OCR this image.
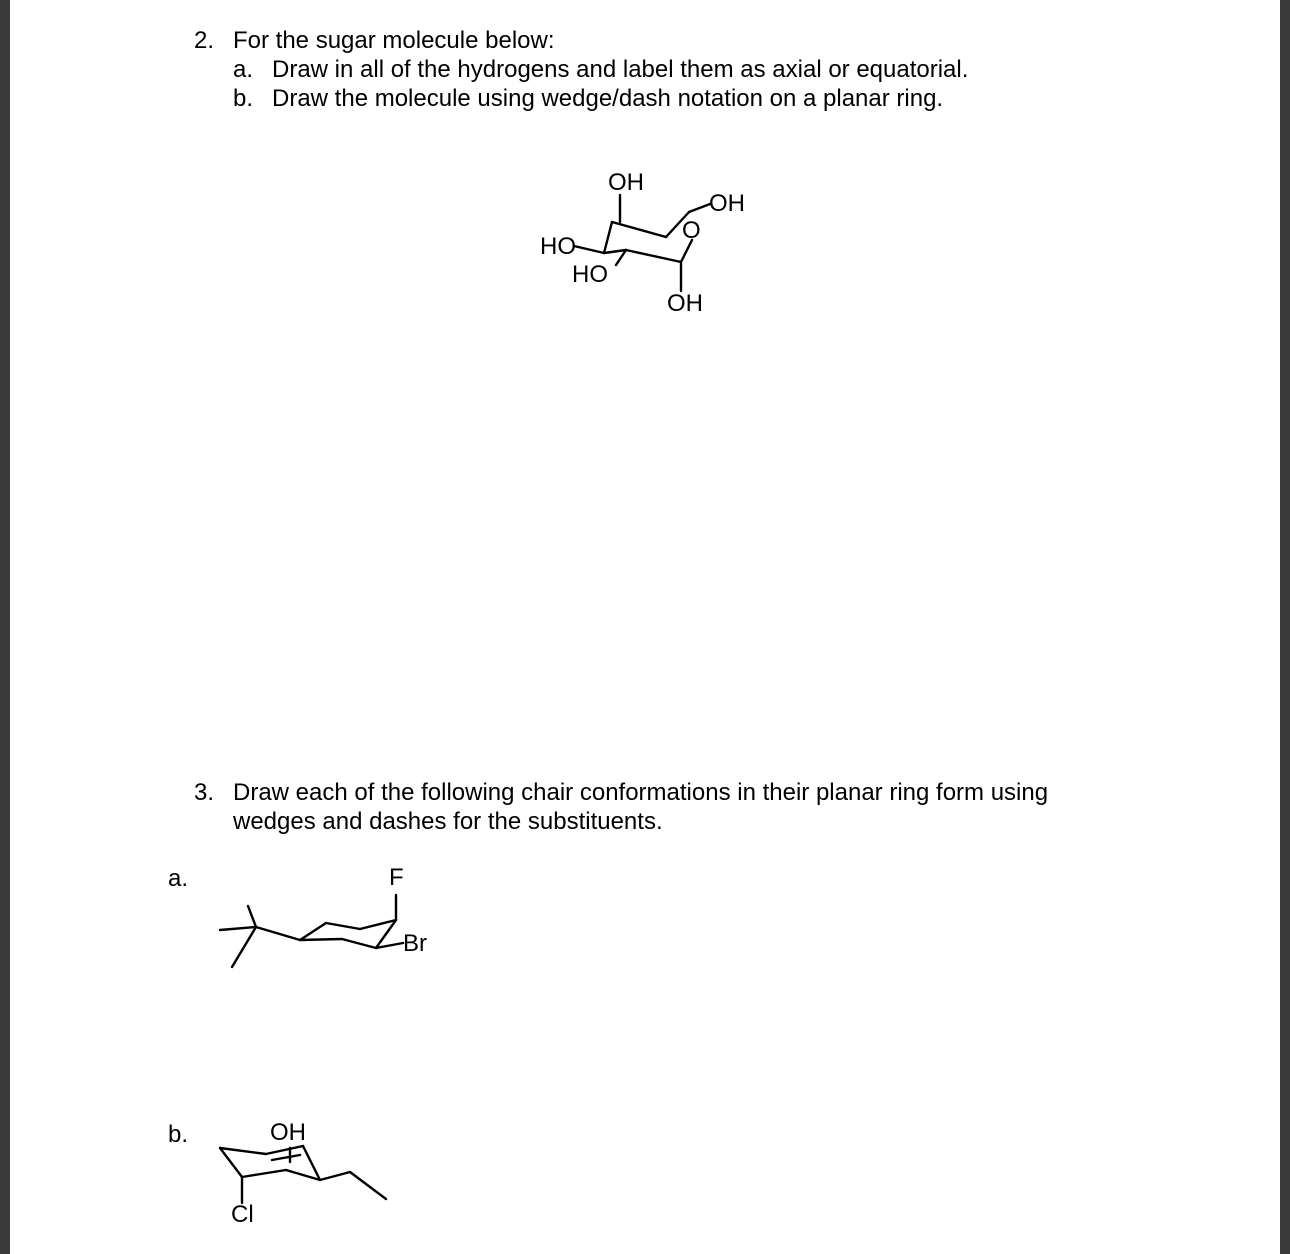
2. For the sugar molecule below:
a. Draw in all of the hydrogens and label them as axial or equatorial.
b. Draw the molecule using wedge/dash notation on a planar ring.
OH
OH
O
HO
HO
OH
3. Draw each of the following chair conformations in their planar ring form using
wedges and dashes for the substituents.
a.	F
Br
b.	OH
Cl
